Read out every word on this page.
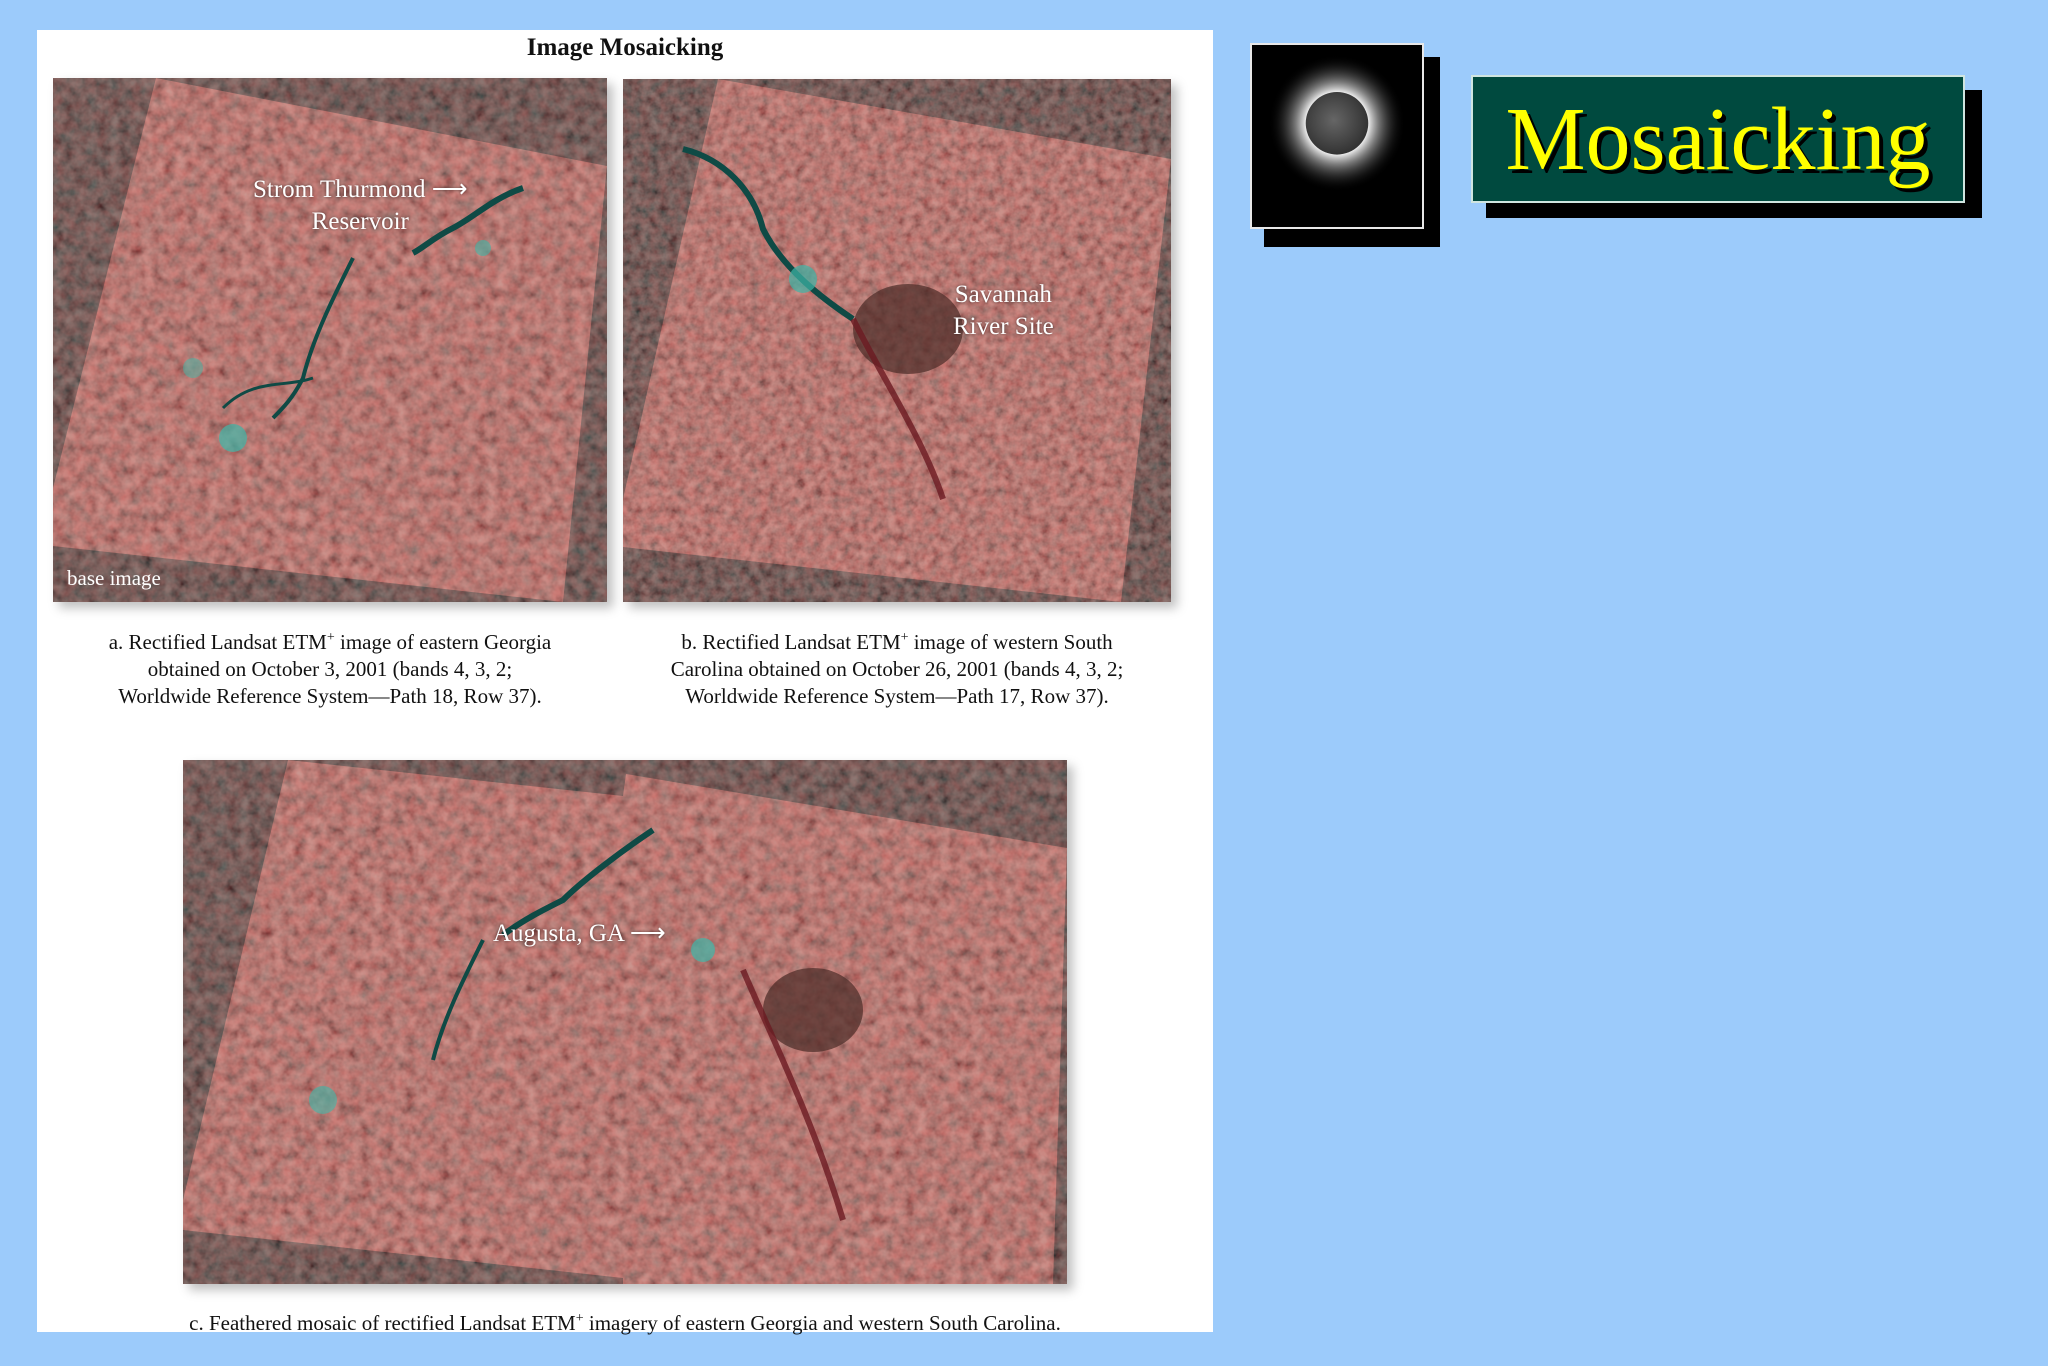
Image Mosaicking
Strom Thurmond ⟶
Reservoir
base image
a. Rectified Landsat ETM+ image of eastern Georgia
obtained on October 3, 2001 (bands 4, 3, 2;
Worldwide Reference System—Path 18, Row 37).
Savannah
River Site
b. Rectified Landsat ETM+ image of western South
Carolina obtained on October 26, 2001 (bands 4, 3, 2;
Worldwide Reference System—Path 17, Row 37).
Augusta, GA ⟶
c. Feathered mosaic of rectified Landsat ETM+ imagery of eastern Georgia and western South Carolina.
Mosaicking
